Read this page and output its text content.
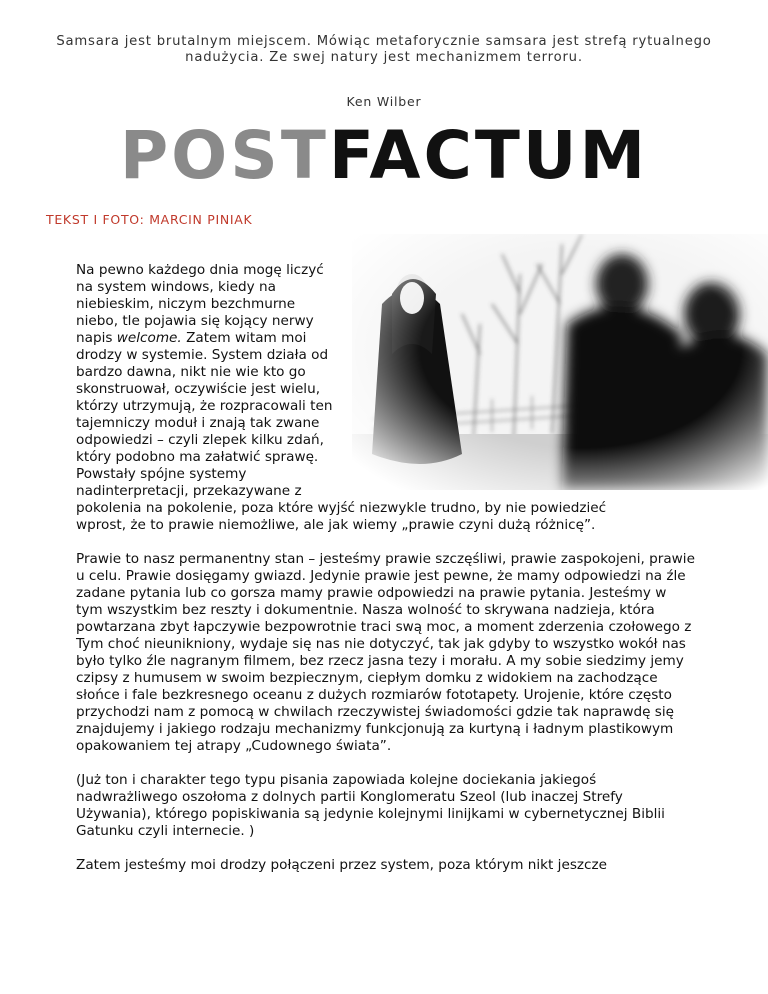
Samsara jest brutalnym miejscem. Mówiąc metaforycznie samsara jest strefą rytualnego nadużycia. Ze swej natury jest mechanizmem terroru.
Ken Wilber
POSTFACTUM
TEKST I FOTO: MARCIN PINIAK
Na pewno każdego dnia mogę liczyć
na system windows, kiedy na
niebieskim, niczym bezchmurne
niebo, tle pojawia się kojący nerwy
napis welcome. Zatem witam moi
drodzy w systemie. System działa od
bardzo dawna, nikt nie wie kto go
skonstruował, oczywiście jest wielu,
którzy utrzymują, że rozpracowali ten
tajemniczy moduł i znają tak zwane
odpowiedzi – czyli zlepek kilku zdań,
który podobno ma załatwić sprawę.
Powstały spójne systemy
nadinterpretacji, przekazywane z
pokolenia na pokolenie, poza które wyjść niezwykle trudno, by nie powiedzieć
wprost, że to prawie niemożliwe, ale jak wiemy „prawie czyni dużą różnicę”.

Prawie to nasz permanentny stan – jesteśmy prawie szczęśliwi, prawie zaspokojeni, prawie u celu. Prawie dosięgamy gwiazd. Jedynie prawie jest pewne, że mamy odpowiedzi na źle zadane pytania lub co gorsza mamy prawie odpowiedzi na prawie pytania. Jesteśmy w tym wszystkim bez reszty i dokumentnie. Nasza wolność to skrywana nadzieja, która powtarzana zbyt łapczywie bezpowrotnie traci swą moc, a moment zderzenia czołowego z Tym choć nieunikniony, wydaje się nas nie dotyczyć, tak jak gdyby to wszystko wokół nas było tylko źle nagranym filmem, bez rzecz jasna tezy i morału. A my sobie siedzimy jemy czipsy z humusem w swoim bezpiecznym, ciepłym domku z widokiem na zachodzące słońce i fale bezkresnego oceanu z dużych rozmiarów fototapety. Urojenie, które często przychodzi nam z pomocą w chwilach rzeczywistej świadomości gdzie tak naprawdę się znajdujemy i jakiego rodzaju mechanizmy funkcjonują za kurtyną i ładnym plastikowym opakowaniem tej atrapy „Cudownego świata”.

(Już ton i charakter tego typu pisania zapowiada kolejne dociekania jakiegoś nadwrażliwego oszołoma z dolnych partii Konglomeratu Szeol (lub inaczej Strefy Używania), którego popiskiwania są jedynie kolejnymi linijkami w cybernetycznej Biblii Gatunku czyli internecie. )

Zatem jesteśmy moi drodzy połączeni przez system, poza którym nikt jeszcze
